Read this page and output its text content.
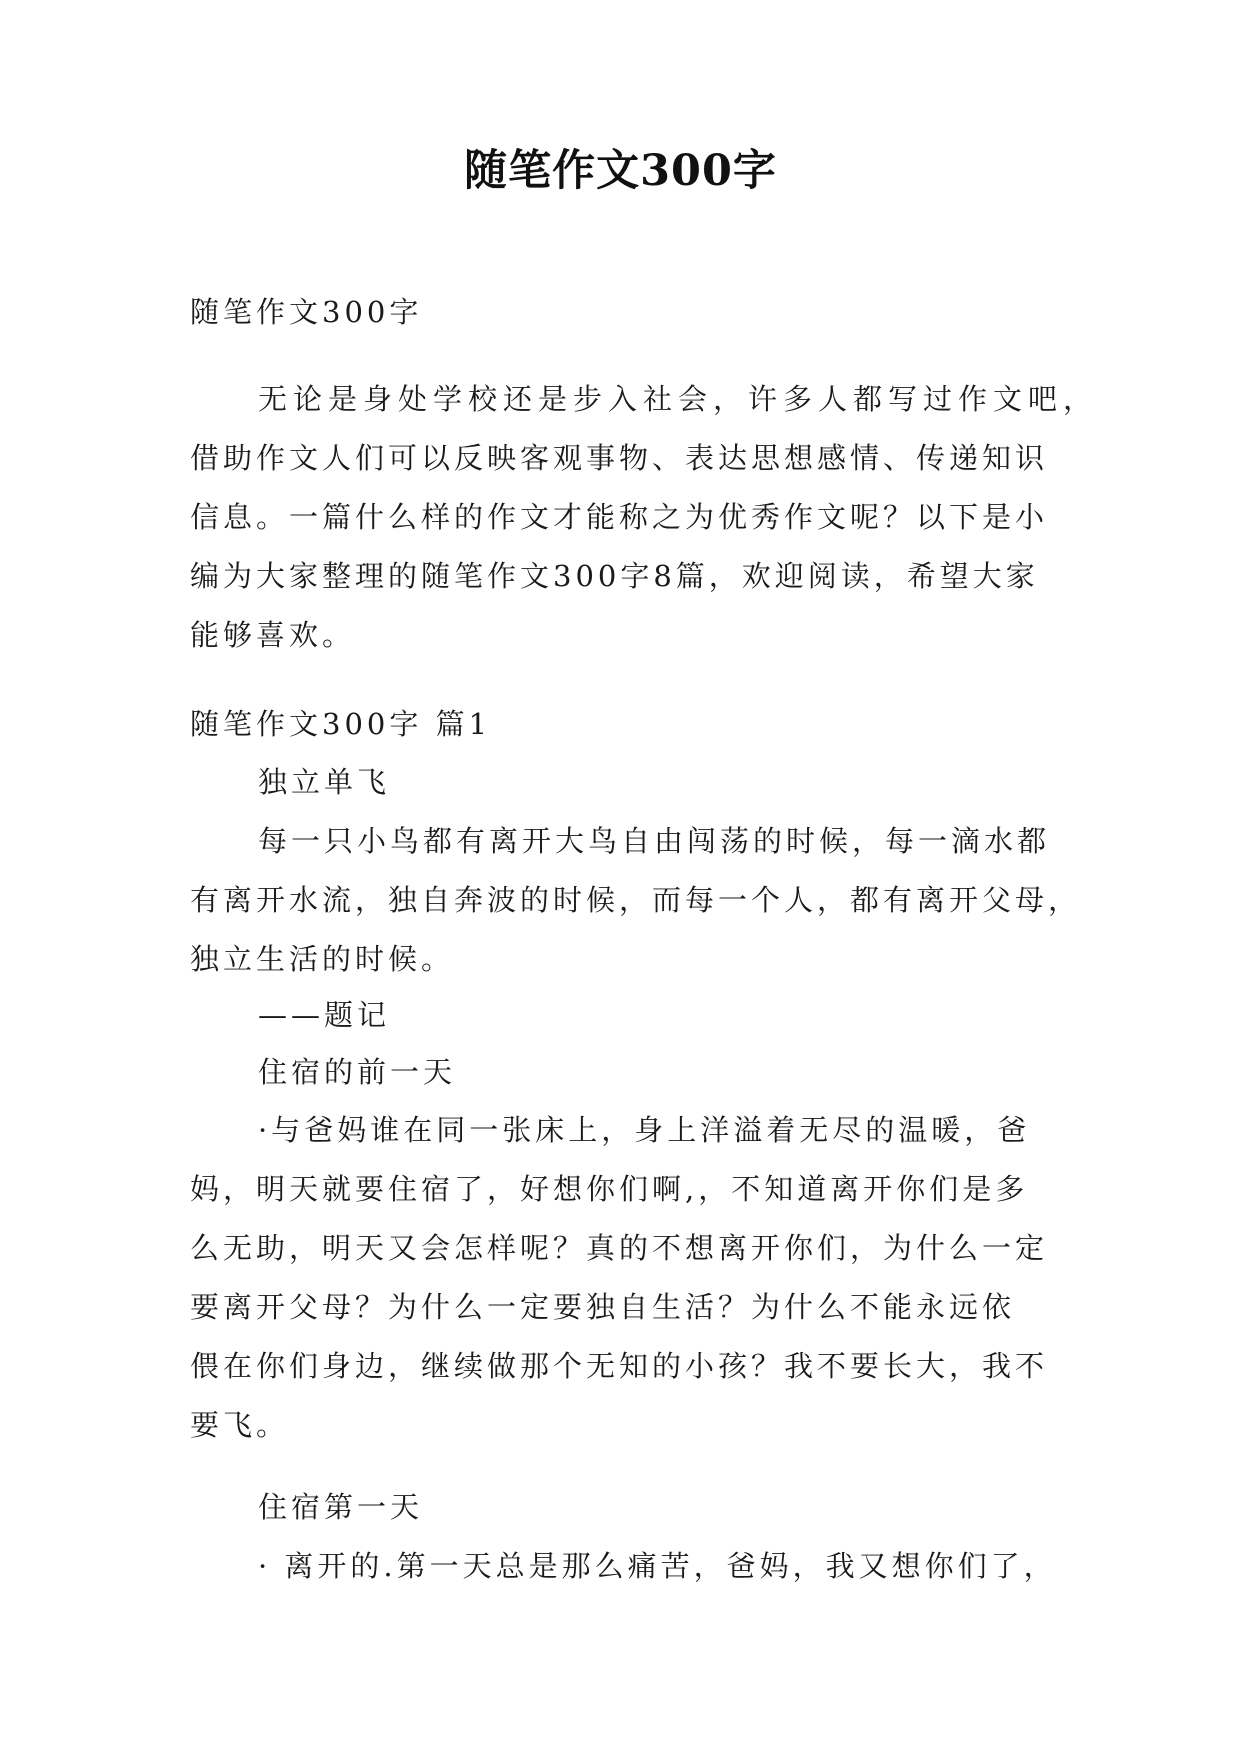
随笔作文300字
随笔作文300字
无论是身处学校还是步入社会，许多人都写过作文吧，
借助作文人们可以反映客观事物、表达思想感情、传递知识
信息。一篇什么样的作文才能称之为优秀作文呢？以下是小
编为大家整理的随笔作文300字8篇，欢迎阅读，希望大家
能够喜欢。
随笔作文300字 篇1
独立单飞
每一只小鸟都有离开大鸟自由闯荡的时候，每一滴水都
有离开水流，独自奔波的时候，而每一个人，都有离开父母，
独立生活的时候。
——题记
住宿的前一天
·与爸妈谁在同一张床上，身上洋溢着无尽的温暖，爸
妈，明天就要住宿了，好想你们啊,，不知道离开你们是多
么无助，明天又会怎样呢？真的不想离开你们，为什么一定
要离开父母？为什么一定要独自生活？为什么不能永远依
偎在你们身边，继续做那个无知的小孩？我不要长大，我不
要飞。
住宿第一天
· 离开的.第一天总是那么痛苦，爸妈，我又想你们了，
